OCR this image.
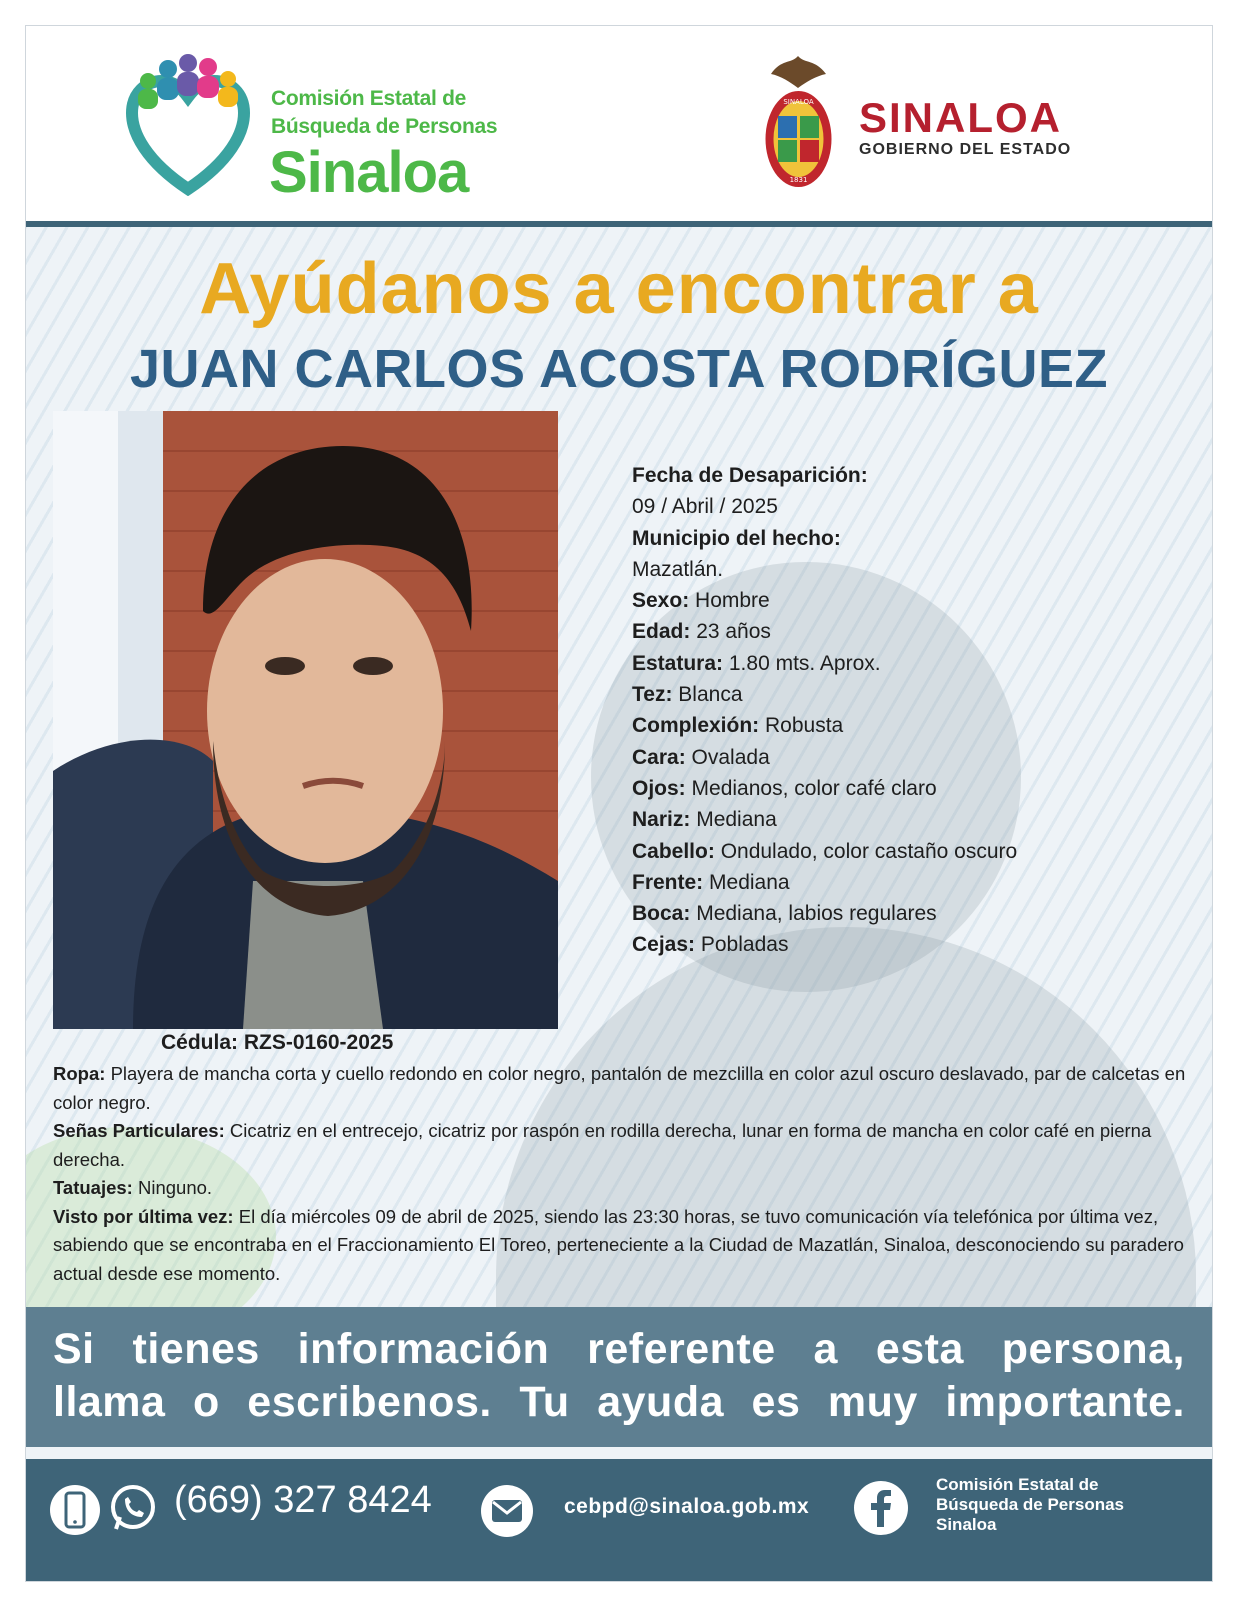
Comisión Estatal de
Búsqueda de Personas
Sinaloa
SINALOA
1831
SINALOA
GOBIERNO DEL ESTADO
Ayúdanos a encontrar a
JUAN CARLOS ACOSTA RODRÍGUEZ
Fecha de Desaparición:
09 / Abril / 2025
Municipio del hecho:
Mazatlán.
Sexo: Hombre
Edad: 23 años
Estatura: 1.80 mts. Aprox.
Tez: Blanca
Complexión: Robusta
Cara: Ovalada
Ojos: Medianos, color café claro
Nariz: Mediana
Cabello: Ondulado, color castaño oscuro
Frente: Mediana
Boca: Mediana, labios regulares
Cejas: Pobladas
Cédula: RZS-0160-2025

Ropa: Playera de mancha corta y cuello redondo en color negro, pantalón de mezclilla en color azul oscuro deslavado, par de calcetas en color negro.

Señas Particulares: Cicatriz en el entrecejo, cicatriz por raspón en rodilla derecha, lunar en forma de mancha en color café en pierna derecha.

Tatuajes: Ninguno.

Visto por última vez: El día miércoles 09 de abril de 2025, siendo las 23:30 horas, se tuvo comunicación vía telefónica por última vez, sabiendo que se encontraba en el Fraccionamiento El Toreo, perteneciente a la Ciudad de Mazatlán, Sinaloa, desconociendo su paradero actual desde ese momento.

Si tienes información referente a esta persona,
llama o escribenos. Tu ayuda es muy importante.
(669) 327 8424	cebpd@sinaloa.gob.mx
Comisión Estatal de
Búsqueda de Personas
Sinaloa
